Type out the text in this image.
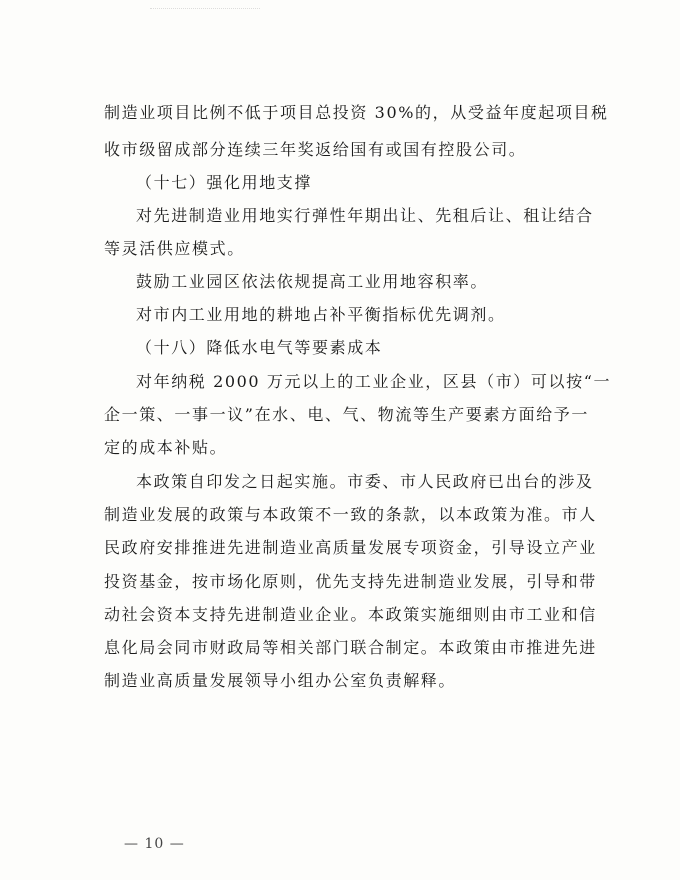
制造业项目比例不低于项目总投资 30%的，从受益年度起项目税
收市级留成部分连续三年奖返给国有或国有控股公司。
（十七）强化用地支撑
对先进制造业用地实行弹性年期出让、先租后让、租让结合
等灵活供应模式。
鼓励工业园区依法依规提高工业用地容积率。
对市内工业用地的耕地占补平衡指标优先调剂。
（十八）降低水电气等要素成本
对年纳税 2000 万元以上的工业企业，区县（市）可以按“一
企一策、一事一议”在水、电、气、物流等生产要素方面给予一
定的成本补贴。
本政策自印发之日起实施。市委、市人民政府已出台的涉及
制造业发展的政策与本政策不一致的条款，以本政策为准。市人
民政府安排推进先进制造业高质量发展专项资金，引导设立产业
投资基金，按市场化原则，优先支持先进制造业发展，引导和带
动社会资本支持先进制造业企业。本政策实施细则由市工业和信
息化局会同市财政局等相关部门联合制定。本政策由市推进先进
制造业高质量发展领导小组办公室负责解释。
— 10 —
